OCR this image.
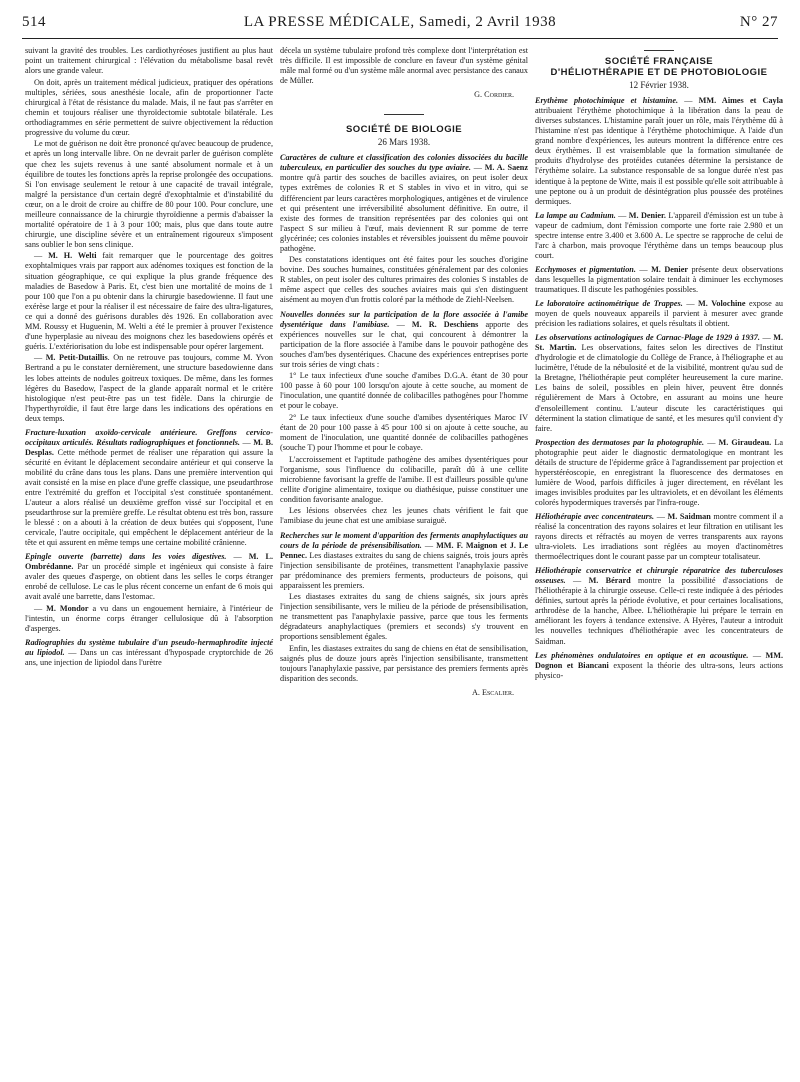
514	LA PRESSE MÉDICALE, Samedi, 2 Avril 1938	N° 27

suivant la gravité des troubles. Les cardiothyréoses justifient au plus haut point un traitement chirurgical : l'élévation du métabolisme basal revêt alors une grande valeur.

On doit, après un traitement médical judicieux, pratiquer des opérations multiples, sériées, sous anesthésie locale, afin de proportionner l'acte chirurgical à l'état de résistance du malade. Mais, il ne faut pas s'arrêter en chemin et toujours réaliser une thyroïdectomie subtotale bilatérale. Les orthodiagrammes en série permettent de suivre objectivement la réduction progressive du volume du cœur.

Le mot de guérison ne doit être prononcé qu'avec beaucoup de prudence, et après un long intervalle libre. On ne devrait parler de guérison complète que chez les sujets revenus à une santé absolument normale et à un équilibre de toutes les fonctions après la reprise prolongée des occupations. Si l'on envisage seulement le retour à une capacité de travail intégrale, malgré la persistance d'un certain degré d'exophtalmie et d'instabilité du cœur, on a le droit de croire au chiffre de 80 pour 100. Pour conclure, une meilleure connaissance de la chirurgie thyroïdienne a permis d'abaisser la mortalité opératoire de 1 à 3 pour 100; mais, plus que dans toute autre chirurgie, une discipline sévère et un entraînement rigoureux s'imposent sans oublier le bon sens clinique.

— M. H. Welti fait remarquer que le pourcentage des goitres exophtalmiques vrais par rapport aux adénomes toxiques est fonction de la situation géographique, ce qui explique la plus grande fréquence des maladies de Basedow à Paris. Et, c'est bien une mortalité de moins de 1 pour 100 que l'on a pu obtenir dans la chirurgie basedowienne. Il faut une exérèse large et pour la réaliser il est nécessaire de faire des ultra-ligatures, ce qui a donné des guérisons durables dès 1926. En collaboration avec MM. Roussy et Huguenin, M. Welti a été le premier à prouver l'existence d'une hyperplasie au niveau des moignons chez les basedowiens opérés et guéris. L'extériorisation du lobe est indispensable pour opérer largement.

— M. Petit-Dutaillis. On ne retrouve pas toujours, comme M. Yvon Bertrand a pu le constater dernièrement, une structure basedowienne dans les lobes atteints de nodules goitreux toxiques. De même, dans les formes légères du Basedow, l'aspect de la glande apparaît normal et le critère histologique n'est peut-être pas un test fidèle. Dans la chirurgie de l'hyperthyroïdie, il faut être large dans les indications des opérations en deux temps.

Fracture-luxation axoïdo-cervicale antérieure. Greffons cervico-occipitaux articulés. Résultats radiographiques et fonctionnels. — M. B. Desplas. Cette méthode permet de réaliser une réparation qui assure la sécurité en évitant le déplacement secondaire antérieur et qui conserve la mobilité du crâne dans tous les plans. Dans une première intervention qui avait consisté en la mise en place d'une greffe classique, une pseudarthrose entre l'extrémité du greffon et l'occipital s'est constituée spontanément. L'auteur a alors réalisé un deuxième greffon vissé sur l'occipital et en pseudarthrose sur la première greffe. Le résultat obtenu est très bon, rassure le blessé : on a abouti à la création de deux butées qui s'opposent, l'une cervicale, l'autre occipitale, qui empêchent le déplacement antérieur de la tête et qui assurent en même temps une certaine mobilité crânienne.

Epingle ouverte (barrette) dans les voies digestives. — M. L. Ombrédanne. Par un procédé simple et ingénieux qui consiste à faire avaler des queues d'asperge, on obtient dans les selles le corps étranger enrobé de cellulose. Le cas le plus récent concerne un enfant de 6 mois qui avait avalé une barrette, dans l'estomac.

— M. Mondor a vu dans un engouement herniaire, à l'intérieur de l'intestin, un énorme corps étranger cellulosique dû à l'absorption d'asperges.

Radiographies du système tubulaire d'un pseudo-hermaphrodite injecté au lipiodol. — Dans un cas intéressant d'hypospade cryptorchide de 26 ans, une injection de lipiodol dans l'urètre

décela un système tubulaire profond très complexe dont l'interprétation est très difficile. Il est impossible de conclure en faveur d'un système génital mâle mal formé ou d'un système mâle anormal avec persistance des canaux de Müller.

G. Cordier.

SOCIÉTÉ DE BIOLOGIE

26 Mars 1938.

Caractères de culture et classification des colonies dissociées du bacille tuberculeux, en particulier des souches du type aviaire. — M. A. Saenz montre qu'à partir des souches de bacilles aviaires, on peut isoler deux types extrêmes de colonies R et S stables in vivo et in vitro, qui se différencient par leurs caractères morphologiques, antigènes et de virulence et qui présentent une irréversibilité absolument définitive. En outre, il existe des formes de transition représentées par des colonies qui ont l'aspect S sur milieu à l'œuf, mais deviennent R sur pomme de terre glycérinée; ces colonies instables et réversibles jouissent du même pouvoir pathogène.

Des constatations identiques ont été faites pour les souches d'origine bovine. Des souches humaines, constituées généralement par des colonies R stables, on peut isoler des cultures primaires des colonies S instables de même aspect que celles des souches aviaires mais qui s'en distinguent aisément au moyen d'un frottis coloré par la méthode de Ziehl-Neelsen.

Nouvelles données sur la participation de la flore associée à l'amibe dysentérique dans l'amibiase. — M. R. Deschiens apporte des expériences nouvelles sur le chat, qui concourent à démontrer la participation de la flore associée à l'amibe dans le pouvoir pathogène des souches d'am'bes dysentériques. Chacune des expériences entreprises porte sur trois séries de vingt chats :

1° Le taux infectieux d'une souche d'amibes D.G.A. étant de 30 pour 100 passe à 60 pour 100 lorsqu'on ajoute à cette souche, au moment de l'inoculation, une quantité donnée de colibacilles pathogènes pour l'homme et pour le cobaye.

2° Le taux infectieux d'une souche d'amibes dysentériques Maroc IV étant de 20 pour 100 passe à 45 pour 100 si on ajoute à cette souche, au moment de l'inoculation, une quantité donnée de colibacilles pathogènes (souche T) pour l'homme et pour le cobaye.

L'accroissement et l'aptitude pathogène des amibes dysentériques pour l'organisme, sous l'influence du colibacille, paraît dû à une cellite microbienne favorisant la greffe de l'amibe. Il est d'ailleurs possible qu'une cellite d'origine alimentaire, toxique ou diathésique, puisse constituer une condition favorisante analogue.

Les lésions observées chez les jeunes chats vérifient le fait que l'amibiase du jeune chat est une amibiase suraiguë.

Recherches sur le moment d'apparition des ferments anaphylactiques au cours de la période de présensibilisation. — MM. F. Maignon et J. Le Pennec. Les diastases extraites du sang de chiens saignés, trois jours après l'injection sensibilisante de protéines, transmettent l'anaphylaxie passive par prédominance des premiers ferments, producteurs de poisons, qui apparaissent les premiers.

Les diastases extraites du sang de chiens saignés, six jours après l'injection sensibilisante, vers le milieu de la période de présensibilisation, ne transmettent pas l'anaphylaxie passive, parce que tous les ferments dégradateurs anaphylactiques (premiers et seconds) s'y trouvent en proportions sensiblement égales.

Enfin, les diastases extraites du sang de chiens en état de sensibilisation, saignés plus de douze jours après l'injection sensibilisante, transmettent toujours l'anaphylaxie passive, par persistance des premiers ferments après disparition des seconds.

A. Escalier.

SOCIÉTÉ FRANÇAISE

D'HÉLIOTHÉRAPIE ET DE PHOTOBIOLOGIE

12 Février 1938.

Erythème photochimique et histamine. — MM. Aimes et Cayla attribuaient l'érythème photochimique à la libération dans la peau de diverses substances. L'histamine paraît jouer un rôle, mais l'érythème dû à l'histamine n'est pas identique à l'érythème photochimique. A l'aide d'un grand nombre d'expériences, les auteurs montrent la différence entre ces deux érythèmes. Il est vraisemblable que la formation simultanée de produits d'hydrolyse des protéides cutanées détermine la persistance de l'érythème solaire. La substance responsable de sa longue durée n'est pas identique à la peptone de Witte, mais il est possible qu'elle soit attribuable à une peptone ou à un produit de désintégration plus poussée des protéines dermiques.

La lampe au Cadmium. — M. Denier. L'appareil d'émission est un tube à vapeur de cadmium, dont l'émission comporte une forte raie 2.980 et un spectre intense entre 3.400 et 3.600 A. Le spectre se rapproche de celui de l'arc à charbon, mais provoque l'érythème dans un temps beaucoup plus court.

Ecchymoses et pigmentation. — M. Denier présente deux observations dans lesquelles la pigmentation solaire tendait à diminuer les ecchymoses traumatiques. Il discute les pathogénies possibles.

Le laboratoire actinométrique de Trappes. — M. Volochine expose au moyen de quels nouveaux appareils il parvient à mesurer avec grande précision les radiations solaires, et quels résultats il obtient.

Les observations actinologiques de Carnac-Plage de 1929 à 1937. — M. St. Martin. Les observations, faites selon les directives de l'Institut d'hydrologie et de climatologie du Collège de France, à l'héliographe et au lucimètre, l'étude de la nébulosité et de la visibilité, montrent qu'au sud de la Bretagne, l'héliothérapie peut compléter heureusement la cure marine. Les bains de soleil, possibles en plein hiver, peuvent être donnés régulièrement de Mars à Octobre, en assurant au moins une heure d'ensoleillement continu. L'auteur discute les caractéristiques qui déterminent la station climatique de santé, et les mesures qu'il convient d'y faire.

Prospection des dermatoses par la photographie. — M. Giraudeau. La photographie peut aider le diagnostic dermatologique en montrant les détails de structure de l'épiderme grâce à l'agrandissement par projection et hyperstéréoscopie, en enregistrant la fluorescence des dermatoses en lumière de Wood, parfois difficiles à juger directement, en révélant les images invisibles produites par les ultraviolets, et en dévoilant les éléments colorés hypodermiques traversés par l'infra-rouge.

Héliothérapie avec concentrateurs. — M. Saidman montre comment il a réalisé la concentration des rayons solaires et leur filtration en utilisant les rayons directs et réfractés au moyen de verres transparents aux rayons ultra-violets. Les irradiations sont réglées au moyen d'actinomètres thermoélectriques dont le courant passe par un compteur totalisateur.

Héliothérapie conservatrice et chirurgie réparatrice des tuberculoses osseuses. — M. Bérard montre la possibilité d'associations de l'héliothérapie à la chirurgie osseuse. Celle-ci reste indiquée à des périodes définies, surtout après la période évolutive, et pour certaines localisations, arthrodèse de la hanche, Albee. L'héliothérapie lui prépare le terrain en améliorant les foyers à tendance extensive. A Hyères, l'auteur a introduit les nouvelles techniques d'héliothérapie avec les concentrateurs de Saidman.

Les phénomènes ondulatoires en optique et en acoustique. — MM. Dognon et Biancani exposent la théorie des ultra-sons, leurs actions physico-
